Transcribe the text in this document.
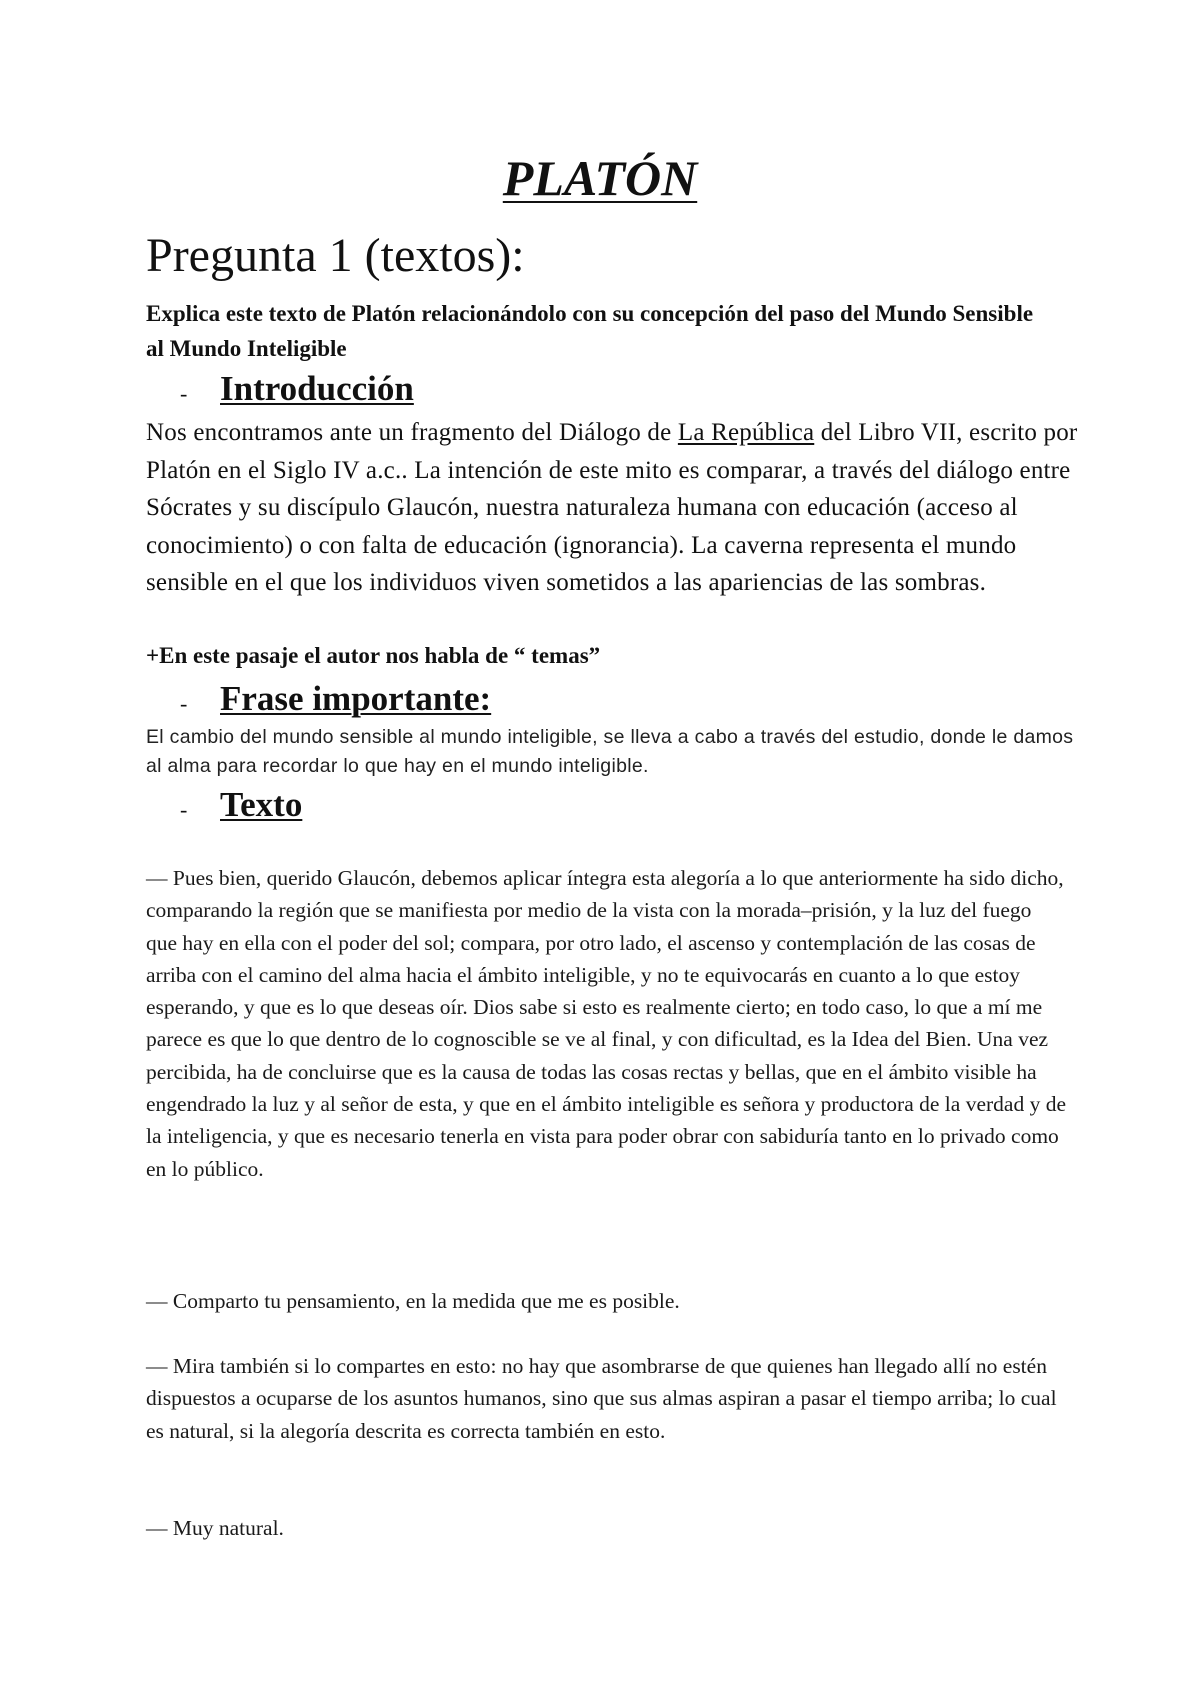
PLATÓN
Pregunta 1 (textos):
Explica este texto de Platón relacionándolo con su concepción del paso del Mundo Sensible al Mundo Inteligible
- Introducción
Nos encontramos ante un fragmento del Diálogo de La República del Libro VII, escrito por Platón en el Siglo IV a.c.. La intención de este mito es comparar, a través del diálogo entre Sócrates y su discípulo Glaucón, nuestra naturaleza humana con educación (acceso al conocimiento) o con falta de educación (ignorancia). La caverna representa el mundo sensible en el que los individuos viven sometidos a las apariencias de las sombras.
+En este pasaje el autor nos habla de “ temas”
- Frase importante:
El cambio del mundo sensible al mundo inteligible, se lleva a cabo a través del estudio, donde le damos al alma para recordar lo que hay en el mundo inteligible.
- Texto

— Pues bien, querido Glaucón, debemos aplicar íntegra esta alegoría a lo que anteriormente ha sido dicho, comparando la región que se manifiesta por medio de la vista con la morada–prisión, y la luz del fuego que hay en ella con el poder del sol; compara, por otro lado, el ascenso y contemplación de las cosas de arriba con el camino del alma hacia el ámbito inteligible, y no te equivocarás en cuanto a lo que estoy esperando, y que es lo que deseas oír. Dios sabe si esto es realmente cierto; en todo caso, lo que a mí me parece es que lo que dentro de lo cognoscible se ve al final, y con dificultad, es la Idea del Bien. Una vez percibida, ha de concluirse que es la causa de todas las cosas rectas y bellas, que en el ámbito visible ha engendrado la luz y al señor de esta, y que en el ámbito inteligible es señora y productora de la verdad y de la inteligencia, y que es necesario tenerla en vista para poder obrar con sabiduría tanto en lo privado como en lo público.

— Comparto tu pensamiento, en la medida que me es posible.

— Mira también si lo compartes en esto: no hay que asombrarse de que quienes han llegado allí no estén dispuestos a ocuparse de los asuntos humanos, sino que sus almas aspiran a pasar el tiempo arriba; lo cual es natural, si la alegoría descrita es correcta también en esto.

— Muy natural.
